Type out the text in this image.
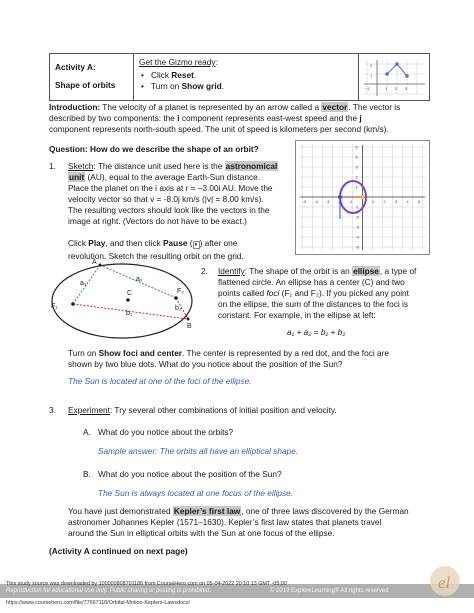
Activity A:
Shape of orbits
Get the Gizmo ready:
• Click Reset.
• Turn on Show grid.
2
1
−1	1 2 3
Introduction: The velocity of a planet is represented by an arrow called a vector. The vector is
described by two components: the i component represents east-west speed and the j
component represents north-south speed. The unit of speed is kilometers per second (km/s).
Question: How do we describe the shape of an orbit?
1. Sketch: The distance unit used here is the astronomical
unit (AU), equal to the average Earth-Sun distance.
Place the planet on the i axis at r = –3.00i AU. Move the
velocity vector so that v = -8.0j km/s (|v| = 8.00 km/s).
The resulting vectors should look like the vectors in the
image at right. (Vectors do not have to be exact.)
Click Play, and then click Pause ( ⏸ ) after one
revolution. Sketch the resulting orbit on the grid.
-5 -4 -3 -2 -1	1 2 3 4 5
5
4
3
2
1
-1
-2
-3
-4
-5
A
B
C
F₁
F₂
a₁
a₂
b₁
b₂
2. Identify: The shape of the orbit is an ellipse, a type of
flattened circle. An ellipse has a center (C) and two
points called foci (F₁ and F₂). If you picked any point
on the ellipse, the sum of the distances to the foci is
constant. For example, in the ellipse at left:
a₁ + a₂ = b₁ + b₂
Turn on Show foci and center. The center is represented by a red dot, and the foci are
shown by two blue dots. What do you notice about the position of the Sun?
The Sun is located at one of the foci of the ellipse.
3. Experiment: Try several other combinations of initial position and velocity.
A. What do you notice about the orbits?
Sample answer: The orbits all have an elliptical shape.
B. What do you notice about the position of the Sun?
The Sun is always located at one focus of the ellipse.
You have just demonstrated Kepler’s first law, one of three laws discovered by the German
astronomer Johannes Kepler (1571–1630). Kepler’s first law states that planets travel
around the Sun in elliptical orbits with the Sun at one focus of the ellipse.
(Activity A continued on next page)
This study source was downloaded by 100000808701186 from CourseHero.com on 05-04-2022 20:10:13 GMT -05:00
Reproduction for educational use only. Public sharing or posting is prohibited.	© 2019 ExploreLearning® All rights reserved	el
https://www.coursehero.com/file/77667118/Orbital-Motion-Keplers-Lawsdocx/
